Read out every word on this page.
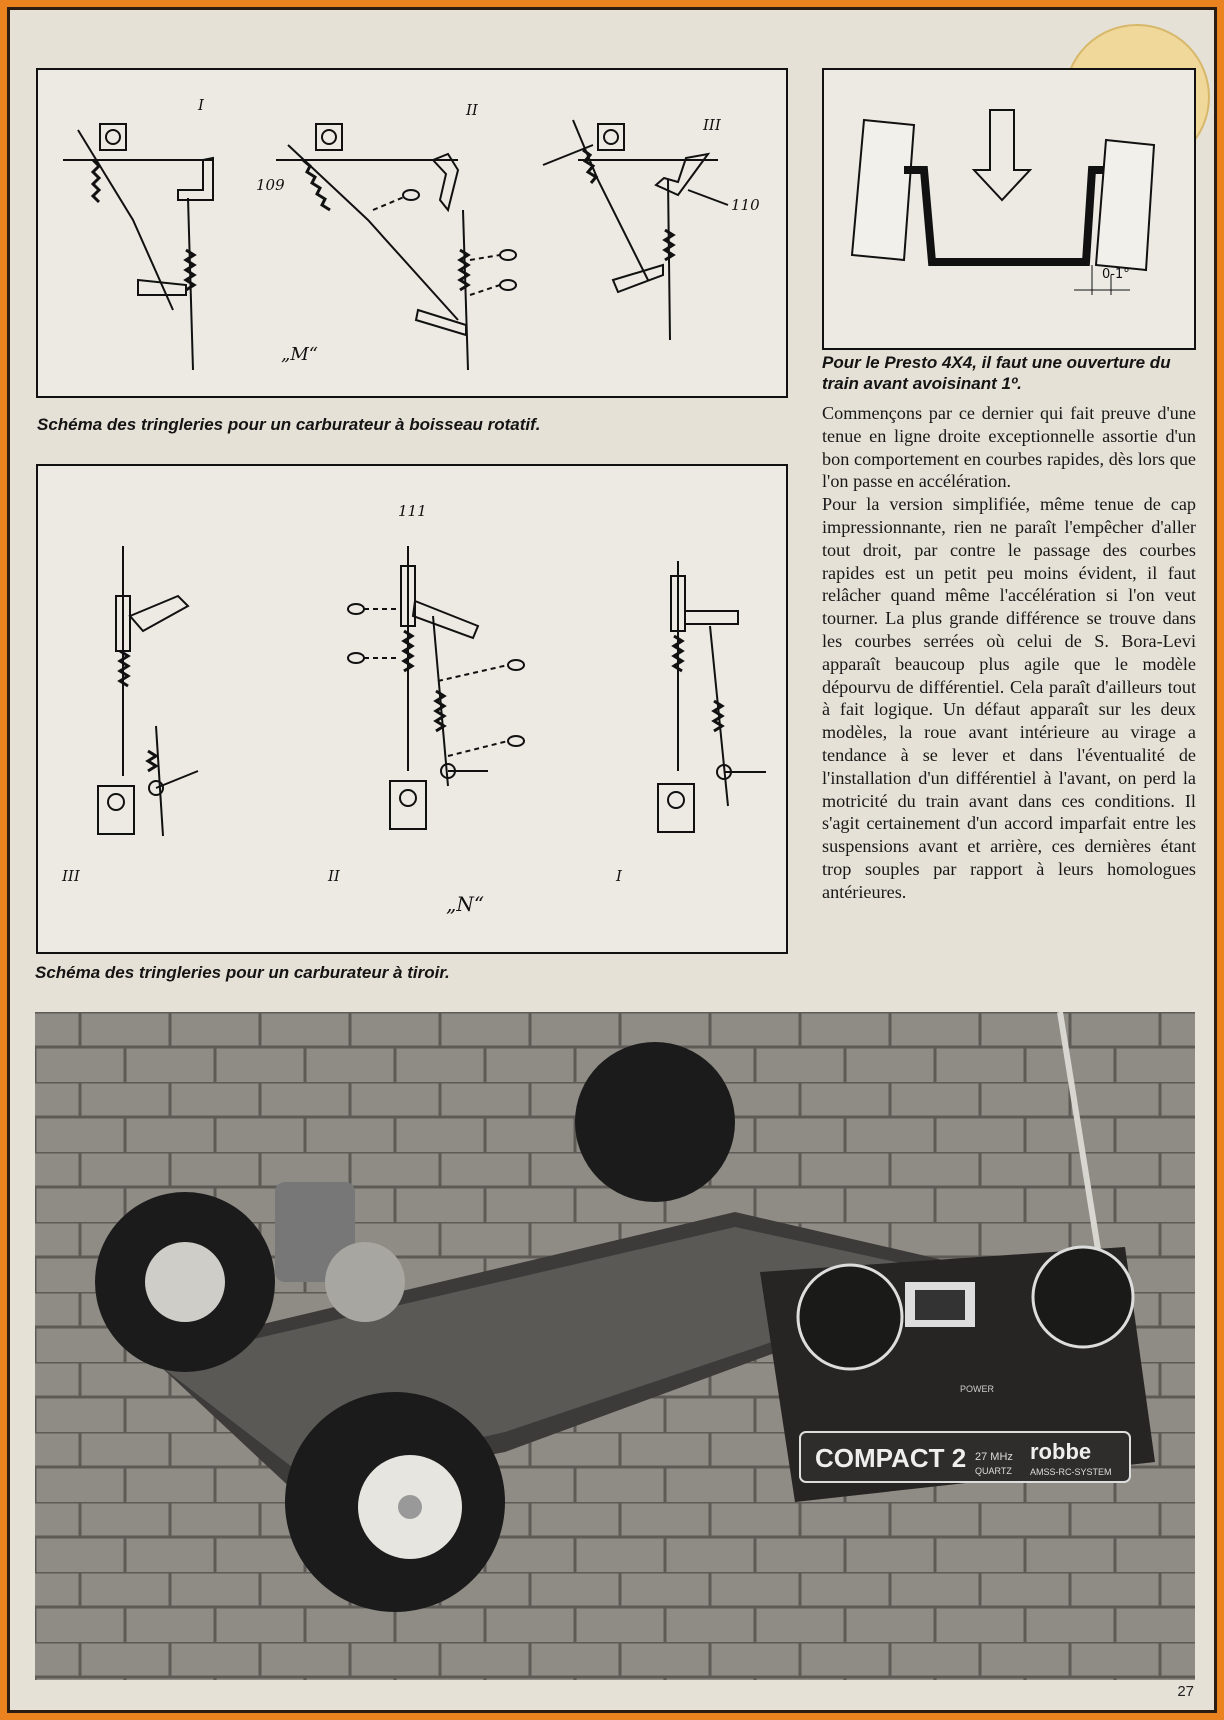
I	II
III
109
110
„M“
Schéma des tringleries pour un carburateur à boisseau rotatif.
0-1°
Pour le Presto 4X4, il faut une ouverture du train avant avoisinant 1º.
III	II	I
111
„N“
Schéma des tringleries pour un carburateur à tiroir.

Commençons par ce dernier qui fait preuve d'une tenue en ligne droite exceptionnelle assortie d'un bon comportement en courbes rapides, dès lors que l'on passe en accélération.

Pour la version simplifiée, même tenue de cap impressionnante, rien ne paraît l'empêcher d'aller tout droit, par contre le passage des courbes rapides est un petit peu moins évident, il faut relâcher quand même l'accélération si l'on veut tourner. La plus grande différence se trouve dans les courbes serrées où celui de S. Bora-Levi apparaît beaucoup plus agile que le modèle dépourvu de différentiel. Cela paraît d'ailleurs tout à fait logique. Un défaut apparaît sur les deux modèles, la roue avant intérieure au virage a tendance à se lever et dans l'éventualité de l'installation d'un différentiel à l'avant, on perd la motricité du train avant dans ces conditions. Il s'agit certainement d'un accord imparfait entre les suspensions avant et arrière, ces dernières étant trop souples par rapport à leurs homologues antérieures.

COMPACT 2 27 MHz
QUARTZ
robbe
AMSS-RC-SYSTEM
POWER
27
